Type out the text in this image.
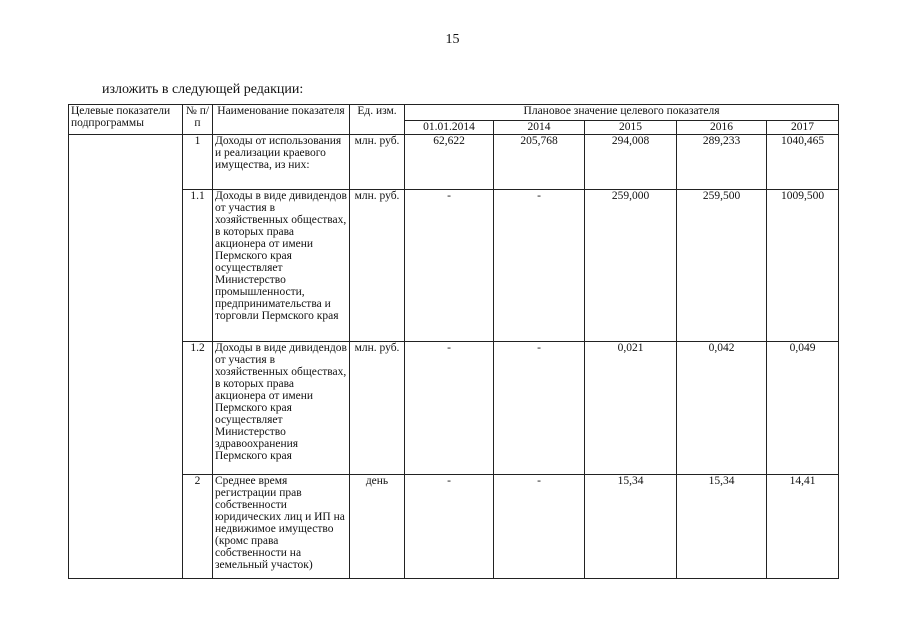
15
изложить в следующей редакции:
Целевые показатели подпрограммы	№ п/п	Наименование показателя	Ед. изм.	Плановое значение целевого показателя				
				01.01.2014	2014	2015	2016	2017
	1	Доходы от использования и реализации краевого имущества, из них:	млн. руб.	62,622	205,768	294,008	289,233	1040,465
	1.1	Доходы в виде дивидендов от участия в хозяйственных обществах, в которых права акционера от имени Пермского края осуществляет Министерство промышленности, предпринимательства и торговли Пермского края	млн. руб.	-	-	259,000	259,500	1009,500
	1.2	Доходы в виде дивидендов от участия в хозяйственных обществах, в которых права акционера от имени Пермского края осуществляет Министерство здравоохранения Пермского края	млн. руб.	-	-	0,021	0,042	0,049
	2	Среднее время регистрации прав собственности юридических лиц и ИП на недвижимое имущество (кромс права собственности на земельный участок)	день	-	-	15,34	15,34	14,41
